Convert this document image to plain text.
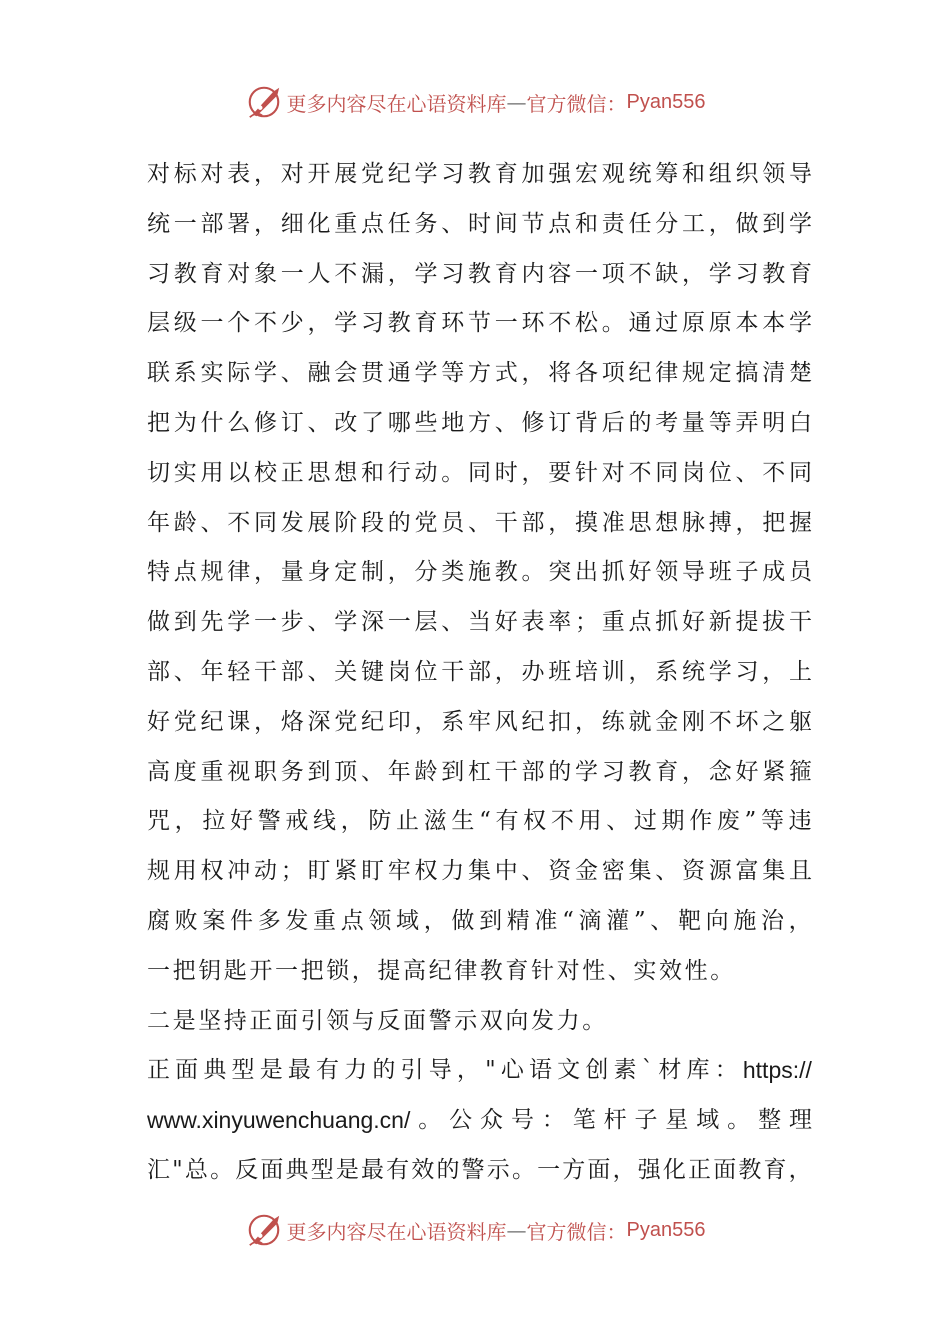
更多内容尽在心语资料库 — 官方微信： Pyan556
对 标 对 表 ， 对 开 展 党 纪 学 习 教 育 加 强 宏 观 统 筹 和 组 织 领 导
统 一 部 署 ， 细 化 重 点 任 务 、 时 间 节 点 和 责 任 分 工 ， 做 到 学
习 教 育 对 象 一 人 不 漏 ， 学 习 教 育 内 容 一 项 不 缺 ， 学 习 教 育
层 级 一 个 不 少 ， 学 习 教 育 环 节 一 环 不 松 。 通 过 原 原 本 本 学
联 系 实 际 学 、 融 会 贯 通 学 等 方 式 ， 将 各 项 纪 律 规 定 搞 清 楚
把 为 什 么 修 订 、 改 了 哪 些 地 方 、 修 订 背 后 的 考 量 等 弄 明 白
切 实 用 以 校 正 思 想 和 行 动 。 同 时 ， 要 针 对 不 同 岗 位 、 不 同
年 龄 、 不 同 发 展 阶 段 的 党 员 、 干 部 ， 摸 准 思 想 脉 搏 ， 把 握
特 点 规 律 ， 量 身 定 制 ， 分 类 施 教 。 突 出 抓 好 领 导 班 子 成 员
做 到 先 学 一 步 、 学 深 一 层 、 当 好 表 率 ； 重 点 抓 好 新 提 拔 干
部 、 年 轻 干 部 、 关 键 岗 位 干 部 ， 办 班 培 训 ， 系 统 学 习 ， 上
好 党 纪 课 ， 烙 深 党 纪 印 ， 系 牢 风 纪 扣 ， 练 就 金 刚 不 坏 之 躯
高 度 重 视 职 务 到 顶 、 年 龄 到 杠 干 部 的 学 习 教 育 ， 念 好 紧 箍
咒 ， 拉 好 警 戒 线 ， 防 止 滋 生 “ 有 权 不 用 、 过 期 作 废 ” 等 违
规 用 权 冲 动 ； 盯 紧 盯 牢 权 力 集 中 、 资 金 密 集 、 资 源 富 集 且
腐 败 案 件 多 发 重 点 领 域 ， 做 到 精 准 “ 滴 灌 ” 、 靶 向 施 治 ，
一把钥匙开一把锁，提高纪律教育针对性、实效性。
二是坚持正面引领与反面警示双向发力。
正 面 典 型 是 最 有 力 的 引 导 ， " 心 语 文 创 素 ` 材 库 ： https://
www.xinyuwenchuang.cn/ 。 公 众 号 ： 笔 杆 子 星 域 。 整 理
汇 " 总 。 反 面 典 型 是 最 有 效 的 警 示 。 一 方 面 ， 强 化 正 面 教 育 ，
更多内容尽在心语资料库 — 官方微信： Pyan556
